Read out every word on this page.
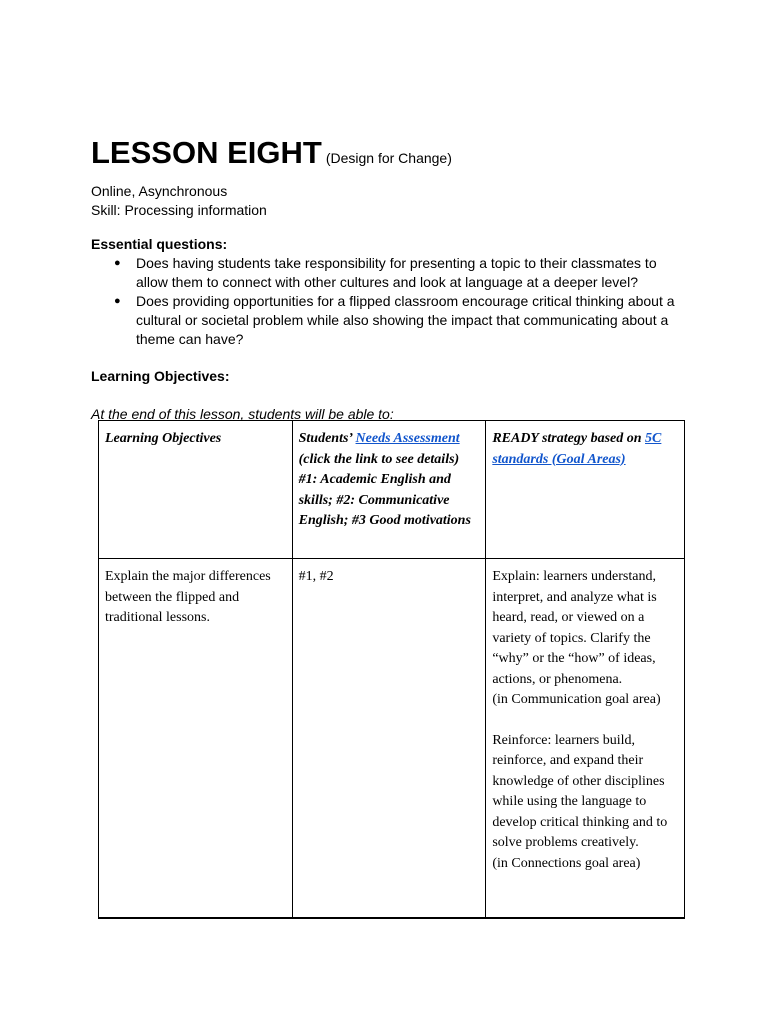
LESSON EIGHT (Design for Change)
Online, Asynchronous
Skill: Processing information
Essential questions:
● Does having students take responsibility for presenting a topic to their classmates to allow them to connect with other cultures and look at language at a deeper level?
● Does providing opportunities for a flipped classroom encourage critical thinking about a cultural or societal problem while also showing the impact that communicating about a theme can have?
Learning Objectives:
At the end of this lesson, students will be able to:
Learning Objectives	Students’ Needs Assessment (click the link to see details) #1: Academic English and skills; #2: Communicative English; #3 Good motivations	READY strategy based on 5C standards (Goal Areas)
Explain the major differences between the flipped and traditional lessons.	#1, #2	Explain: learners understand, interpret, and analyze what is heard, read, or viewed on a variety of topics. Clarify the “why” or the “how” of ideas, actions, or phenomena.
(in Communication goal area)
Reinforce: learners build, reinforce, and expand their knowledge of other disciplines while using the language to develop critical thinking and to solve problems creatively.
(in Connections goal area)
